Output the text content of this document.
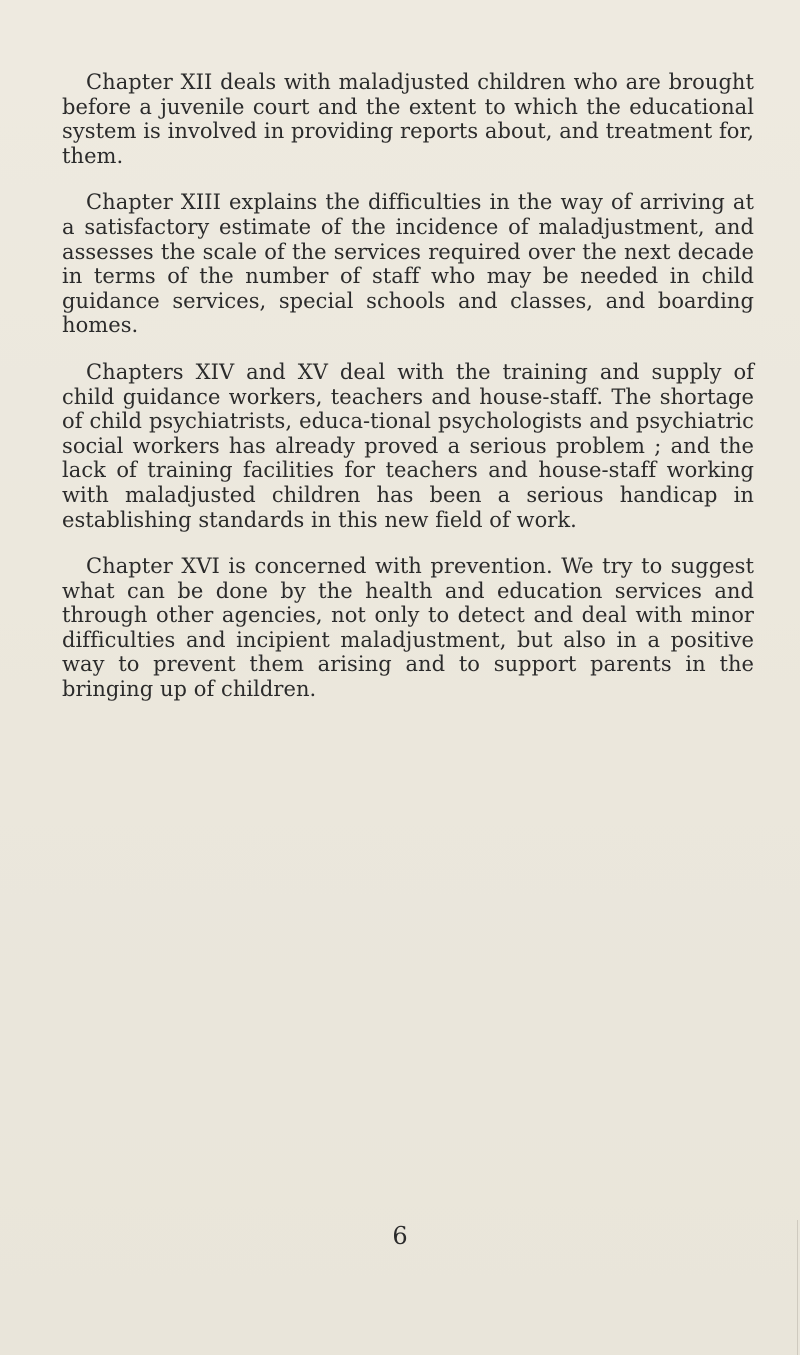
Chapter XII deals with maladjusted children who are brought before a juvenile court and the extent to which the educational system is involved in providing reports about, and treatment for, them.

Chapter XIII explains the difficulties in the way of arriving at a satisfactory estimate of the incidence of maladjustment, and assesses the scale of the services required over the next decade in terms of the number of staff who may be needed in child guidance services, special schools and classes, and boarding homes.

Chapters XIV and XV deal with the training and supply of child guidance workers, teachers and house-staff. The shortage of child psychiatrists, educa-tional psychologists and psychiatric social workers has already proved a serious problem ; and the lack of training facilities for teachers and house-staff working with maladjusted children has been a serious handicap in establishing standards in this new field of work.

Chapter XVI is concerned with prevention. We try to suggest what can be done by the health and education services and through other agencies, not only to detect and deal with minor difficulties and incipient maladjustment, but also in a positive way to prevent them arising and to support parents in the bringing up of children.

6
